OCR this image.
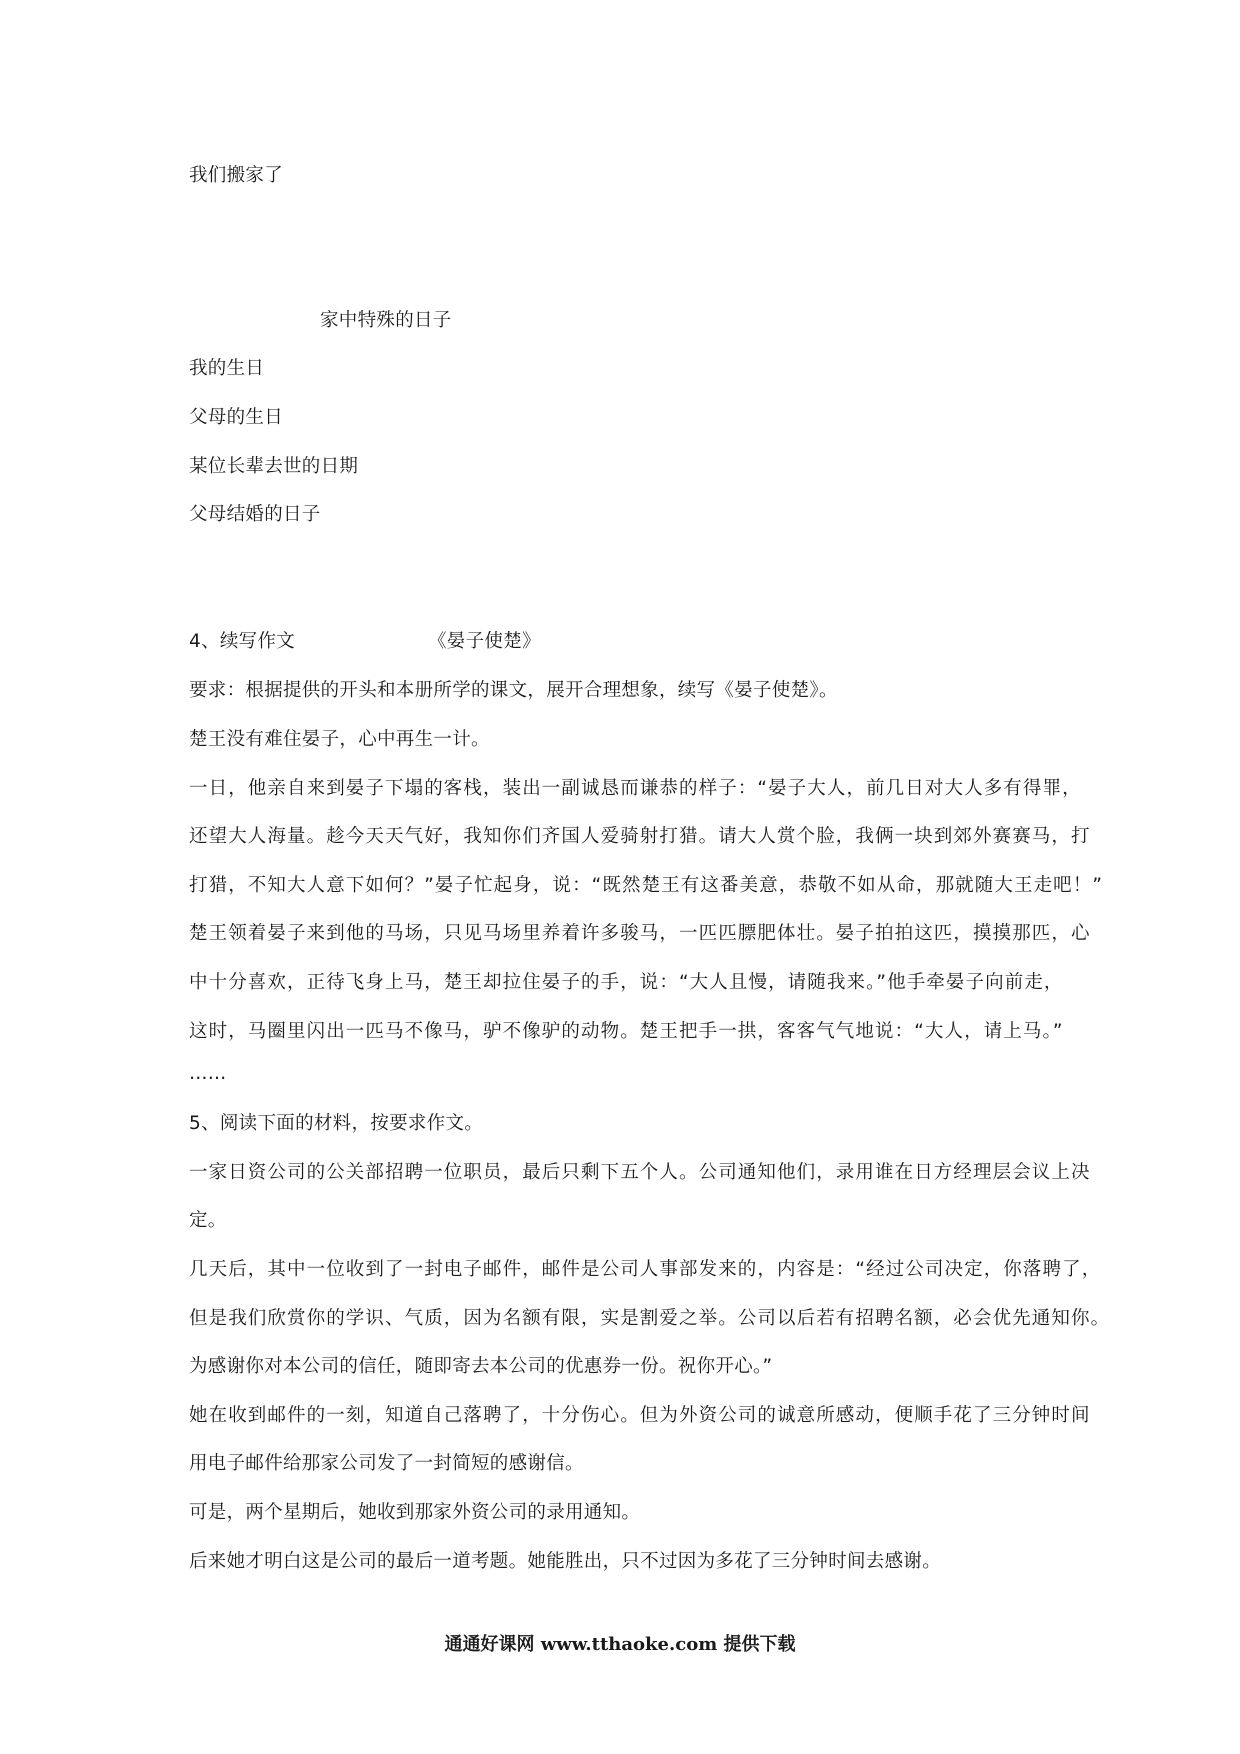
我们搬家了
家中特殊的日子
我的生日
父母的生日
某位长辈去世的日期
父母结婚的日子
4、续写作文	《晏子使楚》
要求：根据提供的开头和本册所学的课文，展开合理想象，续写《晏子使楚》。
楚王没有难住晏子，心中再生一计。
一日，他亲自来到晏子下塌的客栈，装出一副诚恳而谦恭的样子：“晏子大人，前几日对大人多有得罪，
还望大人海量。趁今天天气好，我知你们齐国人爱骑射打猎。请大人赏个脸，我俩一块到郊外赛赛马，打
打猎，不知大人意下如何？”晏子忙起身，说：“既然楚王有这番美意，恭敬不如从命，那就随大王走吧！”
楚王领着晏子来到他的马场，只见马场里养着许多骏马，一匹匹膘肥体壮。晏子拍拍这匹，摸摸那匹，心
中十分喜欢，正待飞身上马，楚王却拉住晏子的手，说：“大人且慢，请随我来。”他手牵晏子向前走，
这时，马圈里闪出一匹马不像马，驴不像驴的动物。楚王把手一拱，客客气气地说：“大人，请上马。”
……
5、阅读下面的材料，按要求作文。
一家日资公司的公关部招聘一位职员，最后只剩下五个人。公司通知他们，录用谁在日方经理层会议上决
定。
几天后，其中一位收到了一封电子邮件，邮件是公司人事部发来的，内容是：“经过公司决定，你落聘了，
但是我们欣赏你的学识、气质，因为名额有限，实是割爱之举。公司以后若有招聘名额，必会优先通知你。
为感谢你对本公司的信任，随即寄去本公司的优惠券一份。祝你开心。”
她在收到邮件的一刻，知道自己落聘了，十分伤心。但为外资公司的诚意所感动，便顺手花了三分钟时间
用电子邮件给那家公司发了一封简短的感谢信。
可是，两个星期后，她收到那家外资公司的录用通知。
后来她才明白这是公司的最后一道考题。她能胜出，只不过因为多花了三分钟时间去感谢。
通通好课网 www.tthaoke.com 提供下载
